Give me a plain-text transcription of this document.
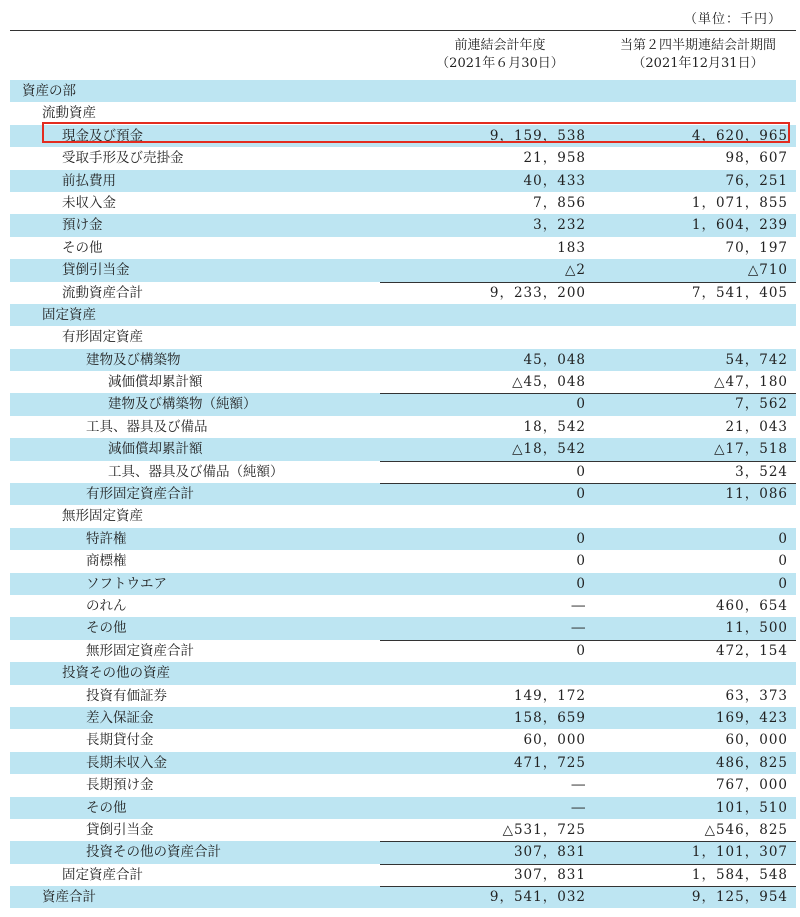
（単位：千円）
前連結会計年度
（2021年６月30日）
当第２四半期連結会計期間
（2021年12月31日）
資産の部
流動資産
現金及び預金	9，159，538	4，620，965
受取手形及び売掛金	21，958	98，607
前払費用	40，433	76，251
未収入金	7，856	1，071，855
預け金	3，232	1，604，239
その他	183	70，197
貸倒引当金	△2	△710
流動資産合計	9，233，200	7，541，405
固定資産
有形固定資産
建物及び構築物	45，048	54，742
減価償却累計額	△45，048	△47，180
建物及び構築物（純額）	0	7，562
工具、器具及び備品	18，542	21，043
減価償却累計額	△18，542	△17，518
工具、器具及び備品（純額）	0	3，524
有形固定資産合計	0	11，086
無形固定資産
特許権	0	0
商標権	0	0
ソフトウエア	0	0
のれん	―	460，654
その他	―	11，500
無形固定資産合計	0	472，154
投資その他の資産
投資有価証券	149，172	63，373
差入保証金	158，659	169，423
長期貸付金	60，000	60，000
長期未収入金	471，725	486，825
長期預け金	―	767，000
その他	―	101，510
貸倒引当金	△531，725	△546，825
投資その他の資産合計	307，831	1，101，307
固定資産合計	307，831	1，584，548
資産合計	9，541，032	9，125，954
